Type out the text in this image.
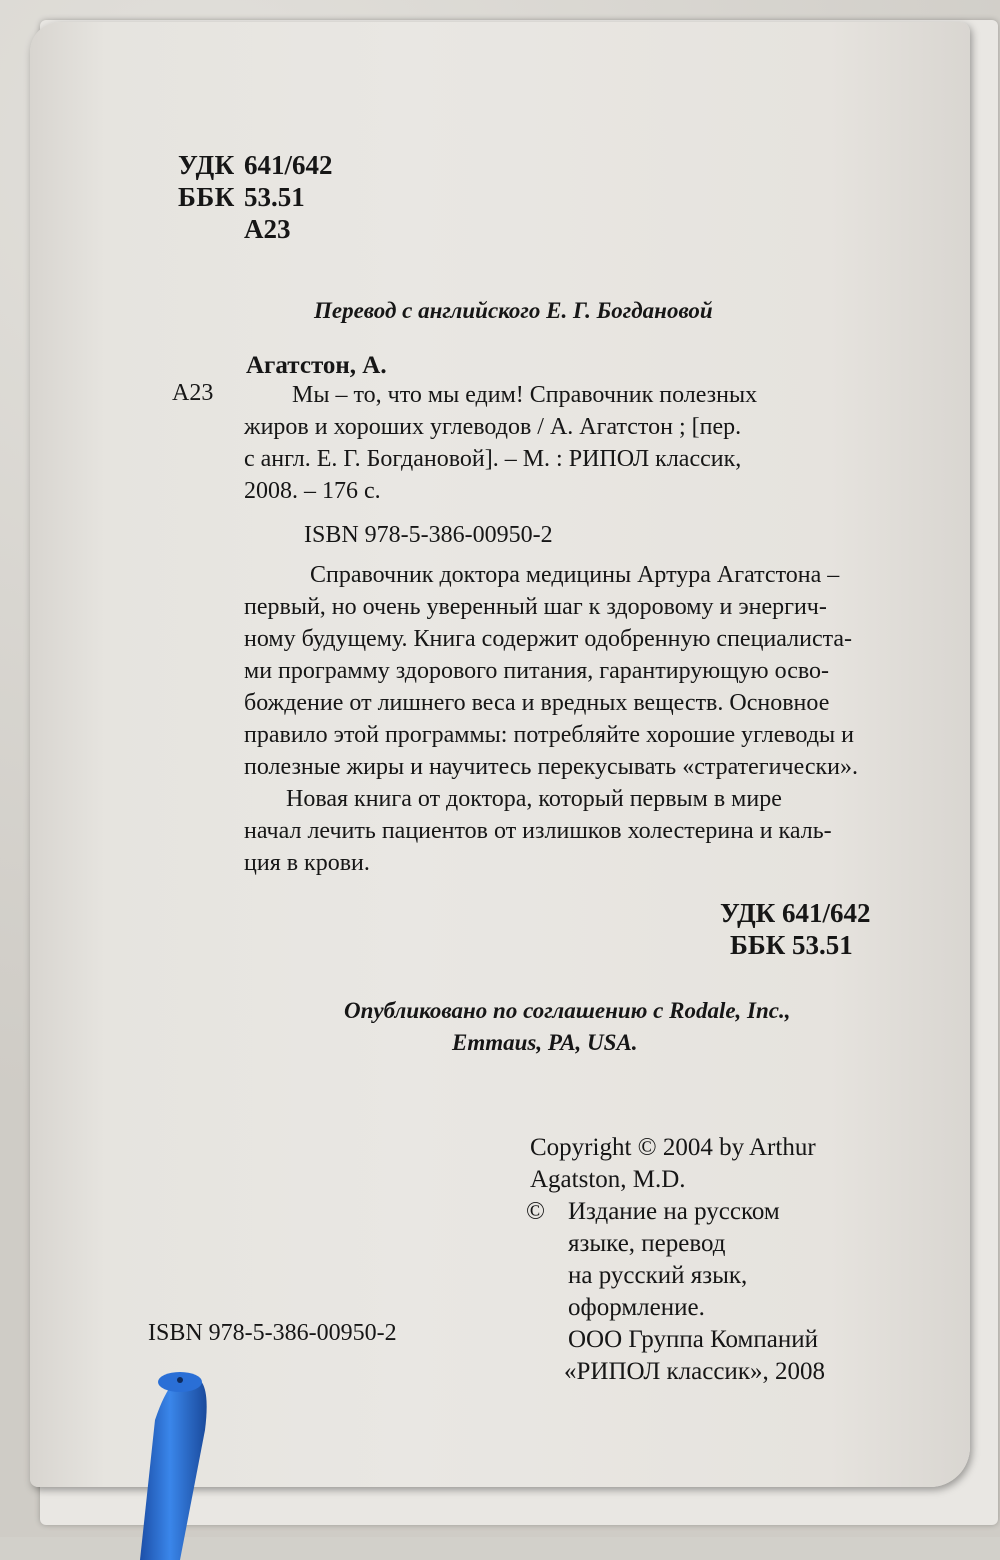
УДК 641/642
ББК 53.51
А23
Перевод с английского Е. Г. Богдановой
Агатстон, А.
А23	Мы – то, что мы едим! Справочник полезных
жиров и хороших углеводов / А. Агатстон ; [пер.
с англ. Е. Г. Богдановой]. – М. : РИПОЛ классик,
2008. – 176 с.
ISBN 978-5-386-00950-2
Справочник доктора медицины Артура Агатстона –
первый, но очень уверенный шаг к здоровому и энергич-
ному будущему. Книга содержит одобренную специалиста-
ми программу здорового питания, гарантирующую осво-
бождение от лишнего веса и вредных веществ. Основное
правило этой программы: потребляйте хорошие углеводы и
полезные жиры и научитесь перекусывать «стратегически».
Новая книга от доктора, который первым в мире
начал лечить пациентов от излишков холестерина и каль-
ция в крови.
УДК 641/642
ББК 53.51
Опубликовано по соглашению с Rodale, Inc.,
Emmaus, PA, USA.
Copyright © 2004 by Arthur
Agatston, M.D.
© Издание на русском
языке, перевод
на русский язык,
оформление.
ООО Группа Компаний
«РИПОЛ классик», 2008
ISBN 978-5-386-00950-2
